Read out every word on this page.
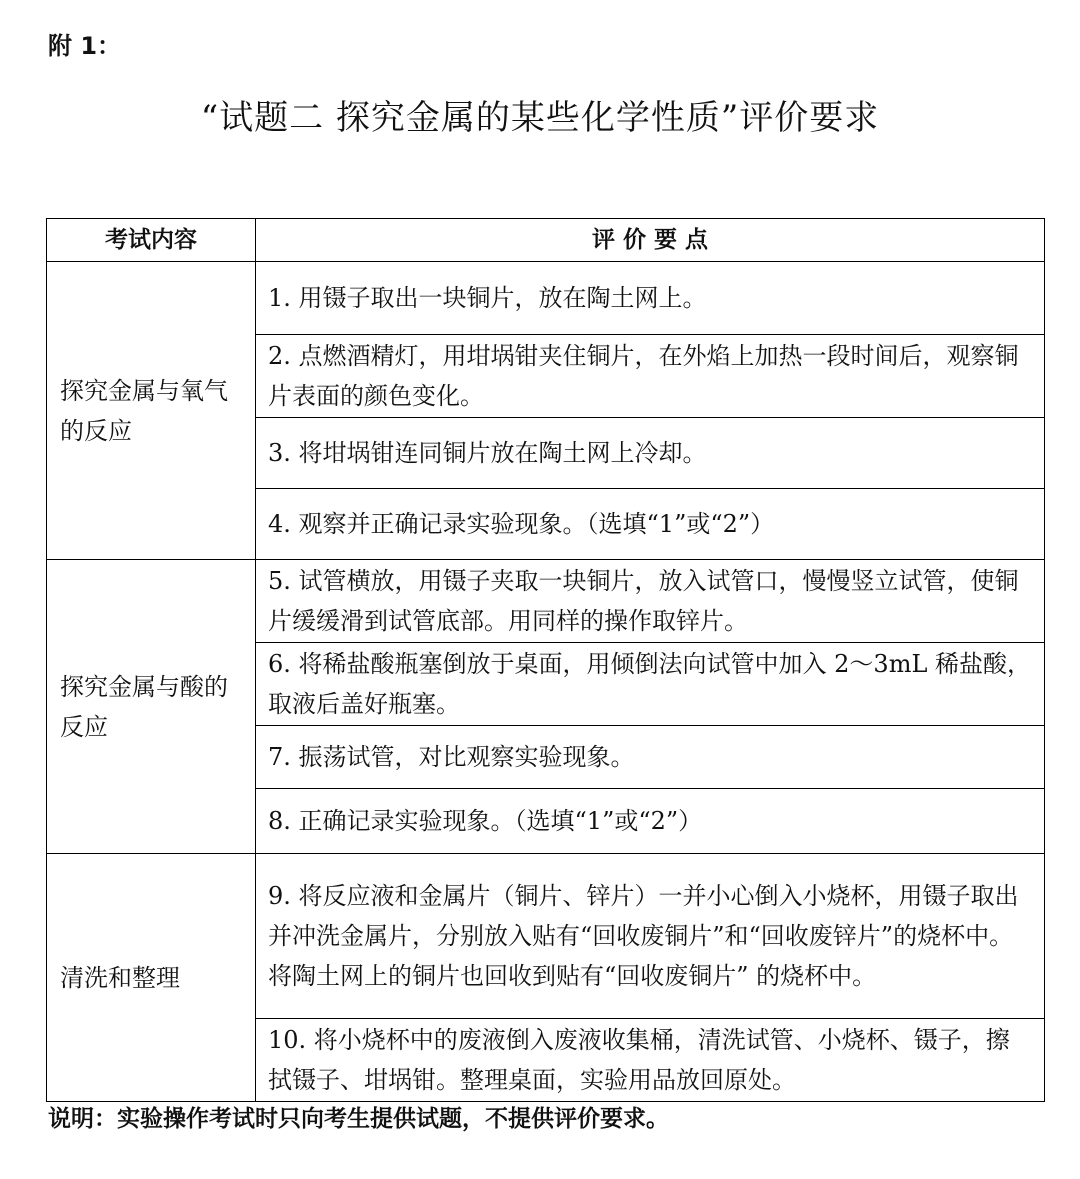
附 1：
“试题二 探究金属的某些化学性质”评价要求
考试内容	评 价 要 点
探究金属与氧气的反应	1. 用镊子取出一块铜片，放在陶土网上。
	2. 点燃酒精灯，用坩埚钳夹住铜片，在外焰上加热一段时间后，观察铜片表面的颜色变化。
	3. 将坩埚钳连同铜片放在陶土网上冷却。
	4. 观察并正确记录实验现象。（选填“1”或“2”）
探究金属与酸的反应	5. 试管横放，用镊子夹取一块铜片，放入试管口，慢慢竖立试管，使铜片缓缓滑到试管底部。用同样的操作取锌片。
	6. 将稀盐酸瓶塞倒放于桌面，用倾倒法向试管中加入 2～3mL 稀盐酸，取液后盖好瓶塞。
	7. 振荡试管，对比观察实验现象。
	8. 正确记录实验现象。（选填“1”或“2”）
清洗和整理	9. 将反应液和金属片（铜片、锌片）一并小心倒入小烧杯，用镊子取出并冲洗金属片，分别放入贴有“回收废铜片”和“回收废锌片”的烧杯中。将陶土网上的铜片也回收到贴有“回收废铜片” 的烧杯中。
	10. 将小烧杯中的废液倒入废液收集桶，清洗试管、小烧杯、镊子，擦拭镊子、坩埚钳。整理桌面，实验用品放回原处。
说明：实验操作考试时只向考生提供试题，不提供评价要求。
